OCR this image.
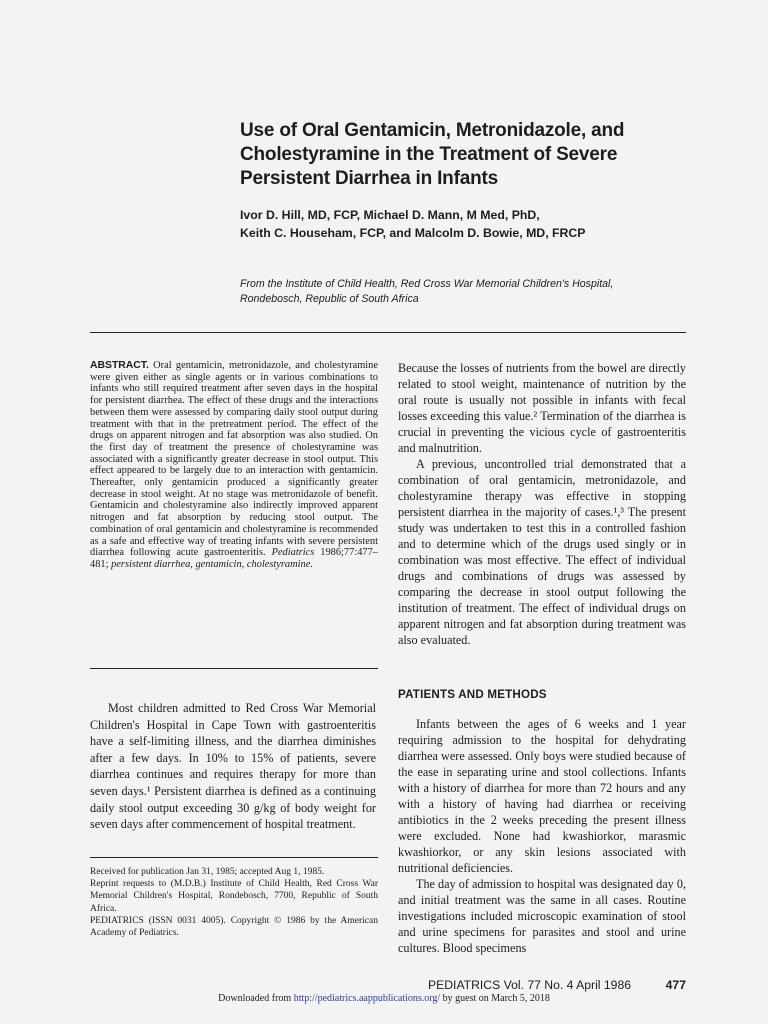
Use of Oral Gentamicin, Metronidazole, and
Cholestyramine in the Treatment of Severe
Persistent Diarrhea in Infants
Ivor D. Hill, MD, FCP, Michael D. Mann, M Med, PhD,
Keith C. Househam, FCP, and Malcolm D. Bowie, MD, FRCP
From the Institute of Child Health, Red Cross War Memorial Children's Hospital,
Rondebosch, Republic of South Africa
ABSTRACT. Oral gentamicin, metronidazole, and cholestyramine were given either as single agents or in various combinations to infants who still required treatment after seven days in the hospital for persistent diarrhea. The effect of these drugs and the interactions between them were assessed by comparing daily stool output during treatment with that in the pretreatment period. The effect of the drugs on apparent nitrogen and fat absorption was also studied. On the first day of treatment the presence of cholestyramine was associated with a significantly greater decrease in stool output. This effect appeared to be largely due to an interaction with gentamicin. Thereafter, only gentamicin produced a significantly greater decrease in stool weight. At no stage was metronidazole of benefit. Gentamicin and cholestyramine also indirectly improved apparent nitrogen and fat absorption by reducing stool output. The combination of oral gentamicin and cholestyramine is recommended as a safe and effective way of treating infants with severe persistent diarrhea following acute gastroenteritis. Pediatrics 1986;77:477–481; persistent diarrhea, gentamicin, cholestyramine.

Most children admitted to Red Cross War Memorial Children's Hospital in Cape Town with gastroenteritis have a self-limiting illness, and the diarrhea diminishes after a few days. In 10% to 15% of patients, severe diarrhea continues and requires therapy for more than seven days.¹ Persistent diarrhea is defined as a continuing daily stool output exceeding 30 g/kg of body weight for seven days after commencement of hospital treatment.

Received for publication Jan 31, 1985; accepted Aug 1, 1985.
Reprint requests to (M.D.B.) Institute of Child Health, Red Cross War Memorial Children's Hospital, Rondebosch, 7700, Republic of South Africa.
PEDIATRICS (ISSN 0031 4005). Copyright © 1986 by the American Academy of Pediatrics.

Because the losses of nutrients from the bowel are directly related to stool weight, maintenance of nutrition by the oral route is usually not possible in infants with fecal losses exceeding this value.² Termination of the diarrhea is crucial in preventing the vicious cycle of gastroenteritis and malnutrition.

A previous, uncontrolled trial demonstrated that a combination of oral gentamicin, metronidazole, and cholestyramine therapy was effective in stopping persistent diarrhea in the majority of cases.¹,³ The present study was undertaken to test this in a controlled fashion and to determine which of the drugs used singly or in combination was most effective. The effect of individual drugs and combinations of drugs was assessed by comparing the decrease in stool output following the institution of treatment. The effect of individual drugs on apparent nitrogen and fat absorption during treatment was also evaluated.

PATIENTS AND METHODS

Infants between the ages of 6 weeks and 1 year requiring admission to the hospital for dehydrating diarrhea were assessed. Only boys were studied because of the ease in separating urine and stool collections. Infants with a history of diarrhea for more than 72 hours and any with a history of having had diarrhea or receiving antibiotics in the 2 weeks preceding the present illness were excluded. None had kwashiorkor, marasmic kwashiorkor, or any skin lesions associated with nutritional deficiencies.

The day of admission to hospital was designated day 0, and initial treatment was the same in all cases. Routine investigations included microscopic examination of stool and urine specimens for parasites and stool and urine cultures. Blood specimens

PEDIATRICS Vol. 77 No. 4 April 1986	477
Downloaded from http://pediatrics.aappublications.org/ by guest on March 5, 2018
